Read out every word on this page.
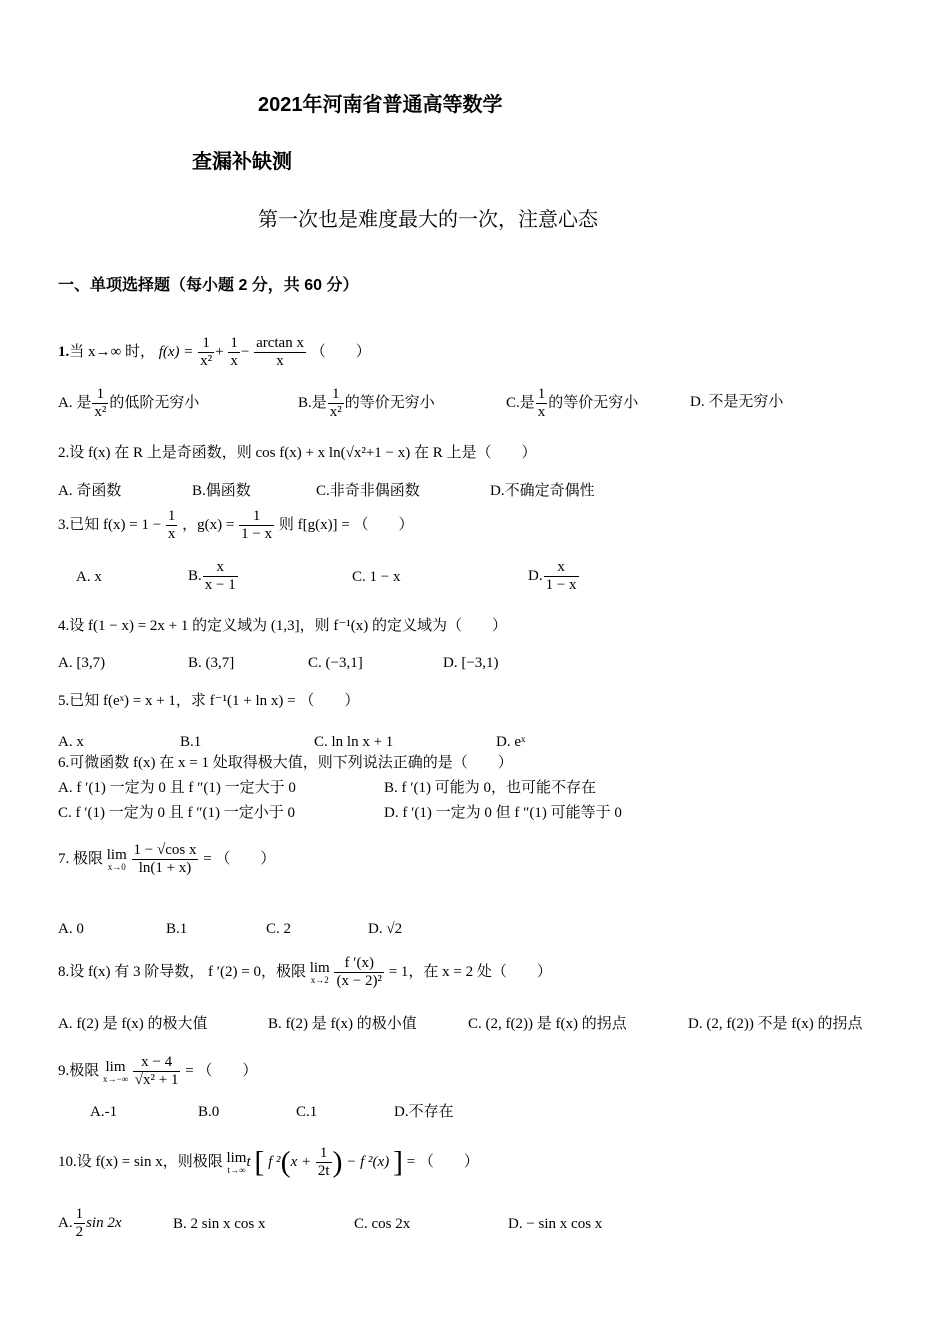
2021年河南省普通高等数学
查漏补缺测
第一次也是难度最大的一次，注意心态
一、单项选择题（每小题 2 分，共 60 分）
1.当 x→∞ 时， $f(x) = \frac{1}{\text{x²}} + \frac{1}{x} - \frac{\text{arctan x}}{x}$ （　　）
A. 是 $\frac{1}{\text{x²}}$ 的低阶无穷小	B.是 $\frac{1}{\text{x²}}$ 的等价无穷小	C.是 $\frac{1}{x}$ 的等价无穷小	D. 不是无穷小
2.设 f(x) 在 R 上是奇函数，则 cos f(x) + x ln(√x²+1 − x) 在 R 上是（　　）
A. 奇函数	B.偶函数	C.非奇非偶函数	D.不确定奇偶性
3.已知 $f(x) = 1 - \frac{1}{x}$ ，$g(x) = \frac{1}{1 - x}$ 则 f[g(x)] = （　　）
A. x	B. $\frac{x}{x - 1}$	C. 1 − x	D. $\frac{x}{1 - x}$
4.设 f(1 − x) = 2x + 1 的定义域为 (1,3]，则 f⁻¹(x) 的定义域为（　　）
A. [3,7)	B. (3,7]	C. (−3,1]	D. [−3,1)
5.已知 f(eˣ) = x + 1，求 f⁻¹(1 + ln x) = （　　）
A. x	B.1	C. ln ln x + 1	D. eˣ
6.可微函数 f(x) 在 x = 1 处取得极大值，则下列说法正确的是（　　）
A. f ′(1) 一定为 0 且 f ″(1) 一定大于 0	B. f ′(1) 可能为 0，也可能不存在
C. f ′(1) 一定为 0 且 f ″(1) 一定小于 0	D. f ′(1) 一定为 0 但 f ″(1) 可能等于 0
7. 极限 lim
x→0
$\frac{\text{1 − √cos x}}{\ln(1 + x)}$ = （　　）
A. 0	B.1	C. 2	D. √2
8.设 f(x) 有 3 阶导数， f ′(2) = 0，极限 lim
x→2
$\frac{f '(x)}{\text{(x − 2)²}} = 1$，在 x = 2 处（　　）
A. f(2) 是 f(x) 的极大值	B. f(2) 是 f(x) 的极小值	C. (2, f(2)) 是 f(x) 的拐点	D. (2, f(2)) 不是 f(x) 的拐点
9.极限 lim
x→−∞
$\frac{x - 4}{\text{√x² + 1}}$ = （　　）
A.-1	B.0	C.1	D.不存在
10.设 f(x) = sin x，则极限 lim
t→∞ t [ f $^2(x + \frac{1}{2t}$ ) − f ²(x) ] = （　　）
A. $\frac{1}{2}$ sin 2x	B. 2 sin x cos x	C. cos 2x	D. − sin x cos x
